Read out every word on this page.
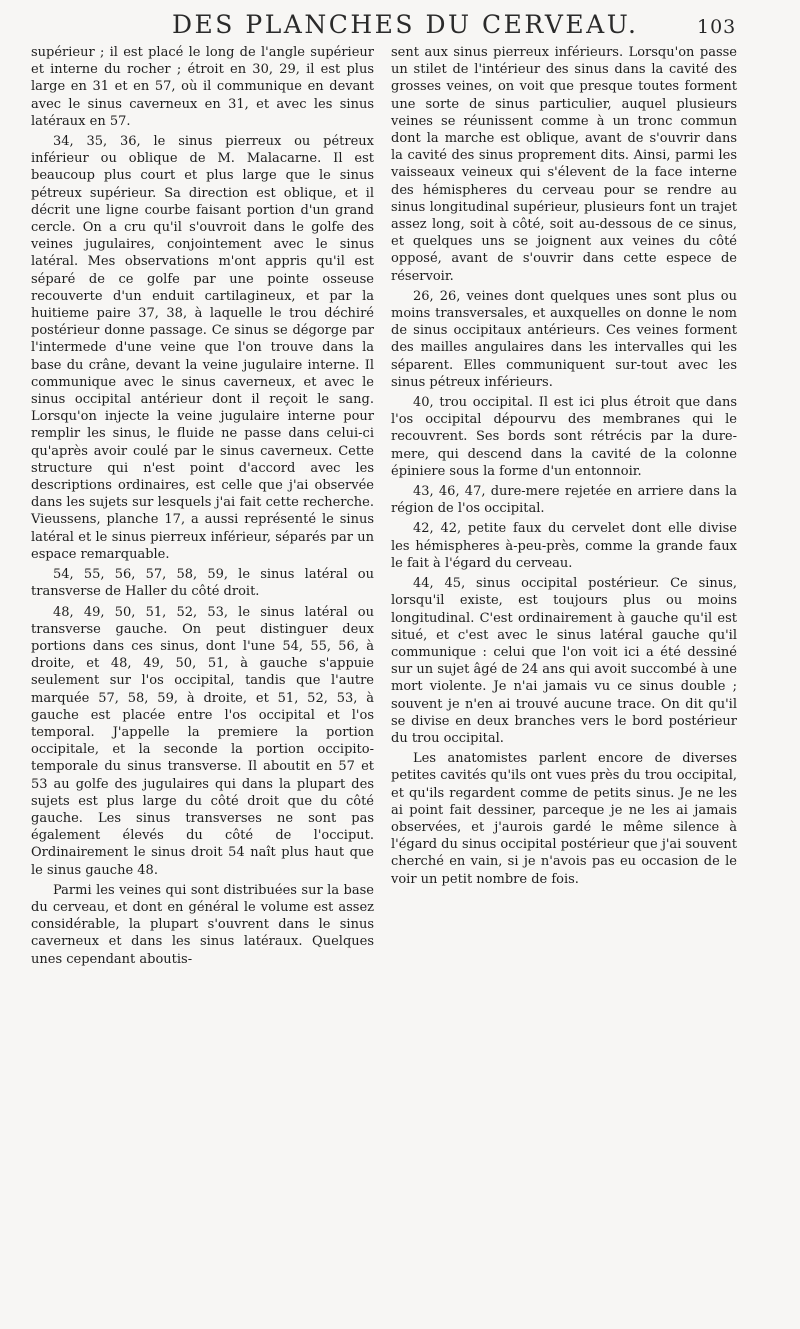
DES PLANCHES DU CERVEAU.	103

supérieur ; il est placé le long de l'angle supérieur et interne du rocher ; étroit en 30, 29, il est plus large en 31 et en 57, où il communique en devant avec le sinus caverneux en 31, et avec les sinus latéraux en 57.

34, 35, 36, le sinus pierreux ou pétreux inférieur ou oblique de M. Malacarne. Il est beaucoup plus court et plus large que le sinus pétreux supérieur. Sa direction est oblique, et il décrit une ligne courbe faisant portion d'un grand cercle. On a cru qu'il s'ouvroit dans le golfe des veines jugulaires, conjointement avec le sinus latéral. Mes observations m'ont appris qu'il est séparé de ce golfe par une pointe osseuse recouverte d'un enduit cartilagineux, et par la huitieme paire 37, 38, à laquelle le trou déchiré postérieur donne passage. Ce sinus se dégorge par l'intermede d'une veine que l'on trouve dans la base du crâne, devant la veine jugulaire interne. Il communique avec le sinus caverneux, et avec le sinus occipital antérieur dont il reçoit le sang. Lorsqu'on injecte la veine jugulaire interne pour remplir les sinus, le fluide ne passe dans celui-ci qu'après avoir coulé par le sinus caverneux. Cette structure qui n'est point d'accord avec les descriptions ordinaires, est celle que j'ai observée dans les sujets sur lesquels j'ai fait cette recherche. Vieussens, planche 17, a aussi représenté le sinus latéral et le sinus pierreux inférieur, séparés par un espace remarquable.

54, 55, 56, 57, 58, 59, le sinus latéral ou transverse de Haller du côté droit.

48, 49, 50, 51, 52, 53, le sinus latéral ou transverse gauche. On peut distinguer deux portions dans ces sinus, dont l'une 54, 55, 56, à droite, et 48, 49, 50, 51, à gauche s'appuie seulement sur l'os occipital, tandis que l'autre marquée 57, 58, 59, à droite, et 51, 52, 53, à gauche est placée entre l'os occipital et l'os temporal. J'appelle la premiere la portion occipitale, et la seconde la portion occipito-temporale du sinus transverse. Il aboutit en 57 et 53 au golfe des jugulaires qui dans la plupart des sujets est plus large du côté droit que du côté gauche. Les sinus transverses ne sont pas également élevés du côté de l'occiput. Ordinairement le sinus droit 54 naît plus haut que le sinus gauche 48.

Parmi les veines qui sont distribuées sur la base du cerveau, et dont en général le volume est assez considérable, la plupart s'ouvrent dans le sinus caverneux et dans les sinus latéraux. Quelques unes cependant aboutis-

sent aux sinus pierreux inférieurs. Lorsqu'on passe un stilet de l'intérieur des sinus dans la cavité des grosses veines, on voit que presque toutes forment une sorte de sinus particulier, auquel plusieurs veines se réunissent comme à un tronc commun dont la marche est oblique, avant de s'ouvrir dans la cavité des sinus proprement dits. Ainsi, parmi les vaisseaux veineux qui s'élevent de la face interne des hémispheres du cerveau pour se rendre au sinus longitudinal supérieur, plusieurs font un trajet assez long, soit à côté, soit au-dessous de ce sinus, et quelques uns se joignent aux veines du côté opposé, avant de s'ouvrir dans cette espece de réservoir.

26, 26, veines dont quelques unes sont plus ou moins transversales, et auxquelles on donne le nom de sinus occipitaux antérieurs. Ces veines forment des mailles angulaires dans les intervalles qui les séparent. Elles communiquent sur-tout avec les sinus pétreux inférieurs.

40, trou occipital. Il est ici plus étroit que dans l'os occipital dépourvu des membranes qui le recouvrent. Ses bords sont rétrécis par la dure-mere, qui descend dans la cavité de la colonne épiniere sous la forme d'un entonnoir.

43, 46, 47, dure-mere rejetée en arriere dans la région de l'os occipital.

42, 42, petite faux du cervelet dont elle divise les hémispheres à-peu-près, comme la grande faux le fait à l'égard du cerveau.

44, 45, sinus occipital postérieur. Ce sinus, lorsqu'il existe, est toujours plus ou moins longitudinal. C'est ordinairement à gauche qu'il est situé, et c'est avec le sinus latéral gauche qu'il communique : celui que l'on voit ici a été dessiné sur un sujet âgé de 24 ans qui avoit succombé à une mort violente. Je n'ai jamais vu ce sinus double ; souvent je n'en ai trouvé aucune trace. On dit qu'il se divise en deux branches vers le bord postérieur du trou occipital.

Les anatomistes parlent encore de diverses petites cavités qu'ils ont vues près du trou occipital, et qu'ils regardent comme de petits sinus. Je ne les ai point fait dessiner, parceque je ne les ai jamais observées, et j'aurois gardé le même silence à l'égard du sinus occipital postérieur que j'ai souvent cherché en vain, si je n'avois pas eu occasion de le voir un petit nombre de fois.
